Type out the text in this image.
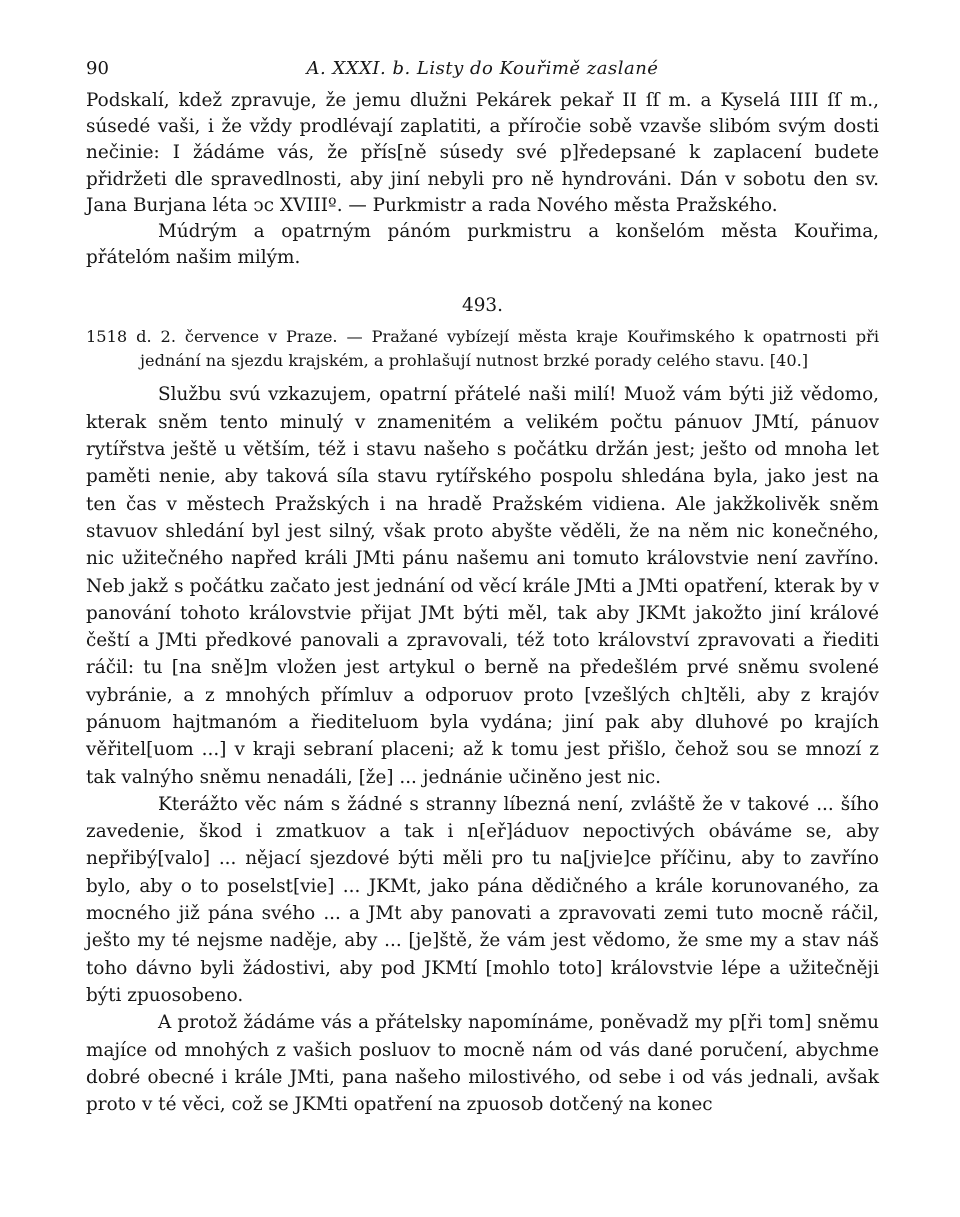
90	A. XXXI. b. Listy do Kouřimě zaslané

Podskalí, kdež zpravuje, že jemu dlužni Pekárek pekař II ſſ m. a Kyselá IIII ſſ m., súsedé vaši, i že vždy prodlévají zaplatiti, a příročie sobě vzavše slibóm svým dosti nečinie: I žádáme vás, že přís[ně súsedy své p]ředepsané k zaplacení budete přidržeti dle spravedlnosti, aby jiní nebyli pro ně hyndrováni. Dán v sobotu den sv. Jana Burjana léta ↄc XVIIIº. — Purkmistr a rada Nového města Pražského.

Múdrým a opatrným pánóm purkmistru a konšelóm města Kouřima, přátelóm našim milým.

493.

1518 d. 2. července v Praze. — Pražané vybízejí města kraje Kouřimského k opatrnosti při jednání na sjezdu krajském, a prohlašují nutnost brzké porady celého stavu. [40.]

Službu svú vzkazujem, opatrní přátelé naši milí! Muož vám býti již vědomo, kterak sněm tento minulý v znamenitém a velikém počtu pánuov JMtí, pánuov rytířstva ještě u větším, též i stavu našeho s počátku držán jest; ješto od mnoha let paměti nenie, aby taková síla stavu rytířského pospolu shledána byla, jako jest na ten čas v městech Pražských i na hradě Pražském vidiena. Ale jakžkolivěk sněm stavuov shledání byl jest silný, však proto abyšte věděli, že na něm nic konečného, nic užitečného napřed králi JMti pánu našemu ani tomuto královstvie není zavříno. Neb jakž s počátku začato jest jednání od věcí krále JMti a JMti opatření, kterak by v panování tohoto královstvie přijat JMt býti měl, tak aby JKMt jakožto jiní králové čeští a JMti předkové panovali a zpravovali, též toto království zpravovati a řiediti ráčil: tu [na sně]m vložen jest artykul o berně na předešlém prvé sněmu svolené vybránie, a z mnohých přímluv a odporuov proto [vzešlých ch]těli, aby z krajóv pánuom hajtmanóm a řiediteluom byla vydána; jiní pak aby dluhové po krajích věřitel[uom ...] v kraji sebraní placeni; až k tomu jest přišlo, čehož sou se mnozí z tak valnýho sněmu nenadáli, [že] ... jednánie učiněno jest nic.

Kterážto věc nám s žádné s stranny líbezná není, zvláště že v takové ... šího zavedenie, škod i zmatkuov a tak i n[eř]áduov nepoctivých obáváme se, aby nepřibý[valo] ... nějací sjezdové býti měli pro tu na[jvie]ce příčinu, aby to zavříno bylo, aby o to poselst[vie] ... JKMt, jako pána dědičného a krále korunovaného, za mocného již pána svého ... a JMt aby panovati a zpravovati zemi tuto mocně ráčil, ješto my té nejsme naděje, aby ... [je]ště, že vám jest vědomo, že sme my a stav náš toho dávno byli žádostivi, aby pod JKMtí [mohlo toto] královstvie lépe a užitečněji býti zpuosobeno.

A protož žádáme vás a přátelsky napomínáme, poněvadž my p[ři tom] sněmu majíce od mnohých z vašich posluov to mocně nám od vás dané poručení, abychme dobré obecné i krále JMti, pana našeho milostivého, od sebe i od vás jednali, avšak proto v té věci, což se JKMti opatření na zpuosob dotčený na konec
